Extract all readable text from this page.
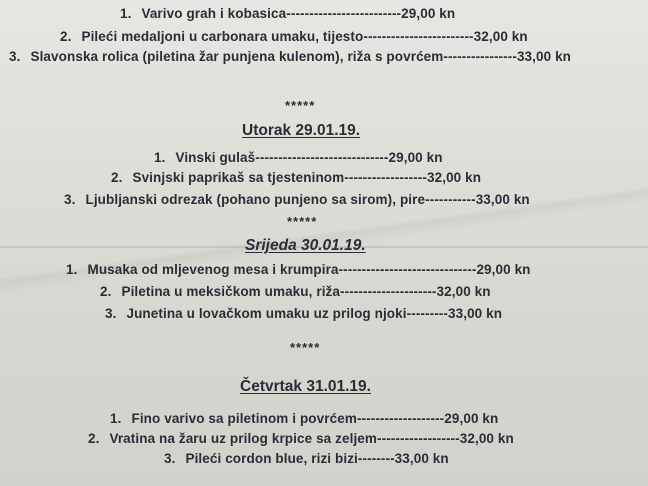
1. Varivo grah i kobasica-------------------------29,00 kn
2. Pileći medaljoni u carbonara umaku, tijesto------------------------32,00 kn
3. Slavonska rolica (piletina žar punjena kulenom), riža s povrćem----------------33,00 kn
*****
Utorak 29.01.19.
1. Vinski gulaš-----------------------------29,00 kn
2. Svinjski paprikaš sa tjesteninom------------------32,00 kn
3. Ljubljanski odrezak (pohano punjeno sa sirom), pire-----------33,00 kn
*****
Srijeda 30.01.19.
1. Musaka od mljevenog mesa i krumpira------------------------------29,00 kn
2. Piletina u meksičkom umaku, riža---------------------32,00 kn
3. Junetina u lovačkom umaku uz prilog njoki---------33,00 kn
*****
Četvrtak 31.01.19.
1. Fino varivo sa piletinom i povrćem-------------------29,00 kn
2. Vratina na žaru uz prilog krpice sa zeljem------------------32,00 kn
3. Pileći cordon blue, rizi bizi--------33,00 kn
